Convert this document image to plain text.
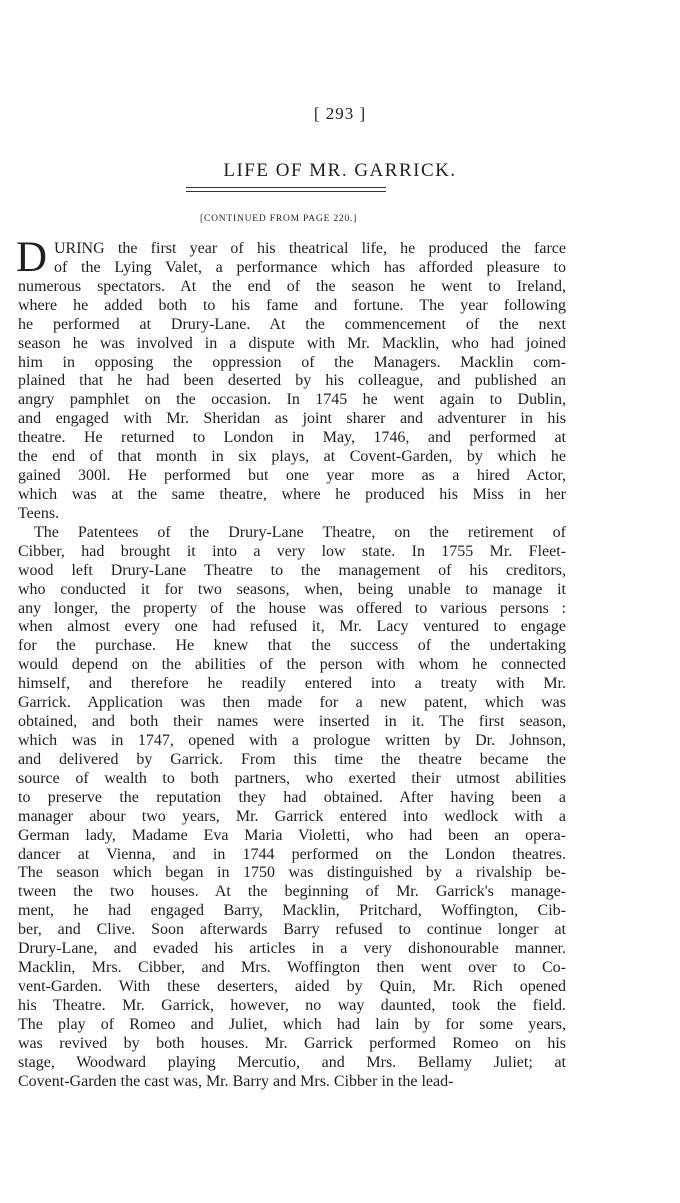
[ 293 ]
LIFE OF MR. GARRICK.
[CONTINUED FROM PAGE 220.]
URING the first year of his theatrical life, he produced the farce
of the Lying Valet, a performance which has afforded pleasure to
numerous spectators. At the end of the season he went to Ireland,
where he added both to his fame and fortune. The year following
he performed at Drury-Lane. At the commencement of the next
season he was involved in a dispute with Mr. Macklin, who had joined
him in opposing the oppression of the Managers. Macklin com-
plained that he had been deserted by his colleague, and published an
angry pamphlet on the occasion. In 1745 he went again to Dublin,
and engaged with Mr. Sheridan as joint sharer and adventurer in his
theatre. He returned to London in May, 1746, and performed at
the end of that month in six plays, at Covent-Garden, by which he
gained 300l. He performed but one year more as a hired Actor,
which was at the same theatre, where he produced his Miss in her
Teens.
D
The Patentees of the Drury-Lane Theatre, on the retirement of
Cibber, had brought it into a very low state. In 1755 Mr. Fleet-
wood left Drury-Lane Theatre to the management of his creditors,
who conducted it for two seasons, when, being unable to manage it
any longer, the property of the house was offered to various persons :
when almost every one had refused it, Mr. Lacy ventured to engage
for the purchase. He knew that the success of the undertaking
would depend on the abilities of the person with whom he connected
himself, and therefore he readily entered into a treaty with Mr.
Garrick. Application was then made for a new patent, which was
obtained, and both their names were inserted in it. The first season,
which was in 1747, opened with a prologue written by Dr. Johnson,
and delivered by Garrick. From this time the theatre became the
source of wealth to both partners, who exerted their utmost abilities
to preserve the reputation they had obtained. After having been a
manager abour two years, Mr. Garrick entered into wedlock with a
German lady, Madame Eva Maria Violetti, who had been an opera-
dancer at Vienna, and in 1744 performed on the London theatres.
The season which began in 1750 was distinguished by a rivalship be-
tween the two houses. At the beginning of Mr. Garrick's manage-
ment, he had engaged Barry, Macklin, Pritchard, Woffington, Cib-
ber, and Clive. Soon afterwards Barry refused to continue longer at
Drury-Lane, and evaded his articles in a very dishonourable manner.
Macklin, Mrs. Cibber, and Mrs. Woffington then went over to Co-
vent-Garden. With these deserters, aided by Quin, Mr. Rich opened
his Theatre. Mr. Garrick, however, no way daunted, took the field.
The play of Romeo and Juliet, which had lain by for some years,
was revived by both houses. Mr. Garrick performed Romeo on his
stage, Woodward playing Mercutio, and Mrs. Bellamy Juliet; at
Covent-Garden the cast was, Mr. Barry and Mrs. Cibber in the lead-
